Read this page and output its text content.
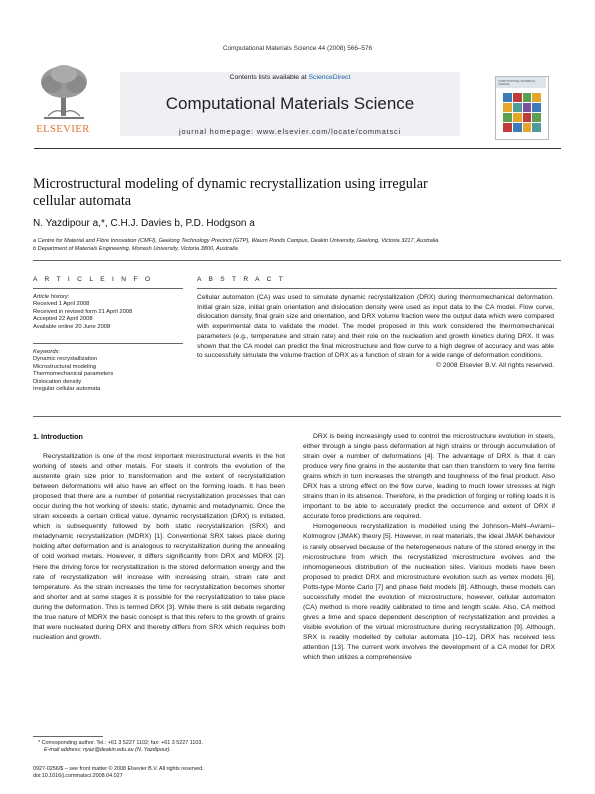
Computational Materials Science 44 (2008) 566–576
ELSEVIER
Contents lists available at ScienceDirect
Computational Materials Science
journal homepage: www.elsevier.com/locate/commatsci
COMPUTATIONAL MATERIALS SCIENCE
Microstructural modeling of dynamic recrystallization using irregular
cellular automata
N. Yazdipour a,*, C.H.J. Davies b, P.D. Hodgson a
a Centre for Material and Fibre Innovation (CMFI), Geelong Technology Precinct (GTP), Waurn Ponds Campus, Deakin University, Geelong, Victoria 3217, Australia
b Department of Materials Engineering, Monash University, Victoria 3800, Australia
A R T I C L E I N F O
Article history:
Received 1 April 2008
Received in revised form 21 April 2008
Accepted 22 April 2008
Available online 20 June 2008
Keywords:
Dynamic recrystallization
Microstructural modeling
Thermomechanical parameters
Dislocation density
Irregular cellular automata
A B S T R A C T
Cellular automaton (CA) was used to simulate dynamic recrystallization (DRX) during thermomechanical deformation. Initial grain size, initial grain orientation and dislocation density were used as input data to the CA model. Flow curve, dislocation density, final grain size and orientation, and DRX volume fraction were the output data which were compared with experimental data to validate the model. The model proposed in this work considered the thermomechanical parameters (e.g., temperature and strain rate) and their role on the nucleation and growth kinetics during DRX. It was shown that the CA model can predict the final microstructure and flow curve to a high degree of accuracy and was able to successfully simulate the volume fraction of DRX as a function of strain for a wide range of deformation conditions.
© 2008 Elsevier B.V. All rights reserved.
1. Introduction

Recrystallization is one of the most important microstructural events in the hot working of steels and other metals. For steels it controls the evolution of the austenite grain size prior to transformation and the extent of recrystallization between deformations will also have an effect on the forming loads. It has been proposed that there are a number of potential recrystallization processes that can occur during the hot working of steels: static, dynamic and metadynamic. Once the strain exceeds a certain critical value, dynamic recrystallization (DRX) is initiated, which is subsequently followed by both static recrystallization (SRX) and metadynamic recrystallization (MDRX) [1]. Conventional SRX takes place during holding after deformation and is analogous to recrystallization during the annealing of cold worked metals. However, it differs significantly from DRX and MDRX [2]. Here the driving force for recrystallization is the stored deformation energy and the rate of recrystallization will increase with increasing strain, strain rate and temperature. As the strain increases the time for recrystallization becomes shorter and shorter and at some stages it is possible for the recrystallization to take place during the deformation. This is termed DRX [3]. While there is still debate regarding the true nature of MDRX the basic concept is that this refers to the growth of grains that were nucleated during DRX and thereby differs from SRX which requires both nucleation and growth.

DRX is being increasingly used to control the microstructure evolution in steels, either through a single pass deformation at high strains or through accumulation of strain over a number of deformations [4]. The advantage of DRX is that it can produce very fine grains in the austenite that can then transform to very fine ferrite grains which in turn increases the strength and toughness of the final product. Also DRX has a strong effect on the flow curve, leading to much lower stresses at high strains than in its absence. Therefore, in the prediction of forging or rolling loads it is important to be able to accurately predict the occurrence and extent of DRX if accurate force predictions are required.

Homogeneous recrystallization is modelled using the Johnson–Mehl–Avrami–Kolmogrov (JMAK) theory [5]. However, in real materials, the ideal JMAK behaviour is rarely observed because of the heterogeneous nature of the stored energy in the microstructure from which the recrystallized microstructure evolves and the inhomogeneous distribution of the nucleation sites. Various models have been proposed to predict DRX and microstructure evolution such as vertex models [6], Potts-type Monte Carlo [7] and phase field models [8]. Although, these models can successfully model the evolution of microstructure, however, cellular automaton (CA) method is more readily calibrated to time and length scale. Also, CA method gives a time and space dependent description of recrystallization and provides a visible evolution of the virtual microstructure during recrystallization [9]. Although, SRX is readily modelled by cellular automata [10–12], DRX has received less attention [13]. The current work involves the development of a CA model for DRX which then utilizes a comprehensive

* Corresponding author. Tel.: +61 3 5227 1102; fax: +61 3 5227 1103.
E-mail address: nyaz@deakin.edu.au (N. Yazdipour).
0927-0256/$ – see front matter © 2008 Elsevier B.V. All rights reserved.
doi:10.1016/j.commatsci.2008.04.027
